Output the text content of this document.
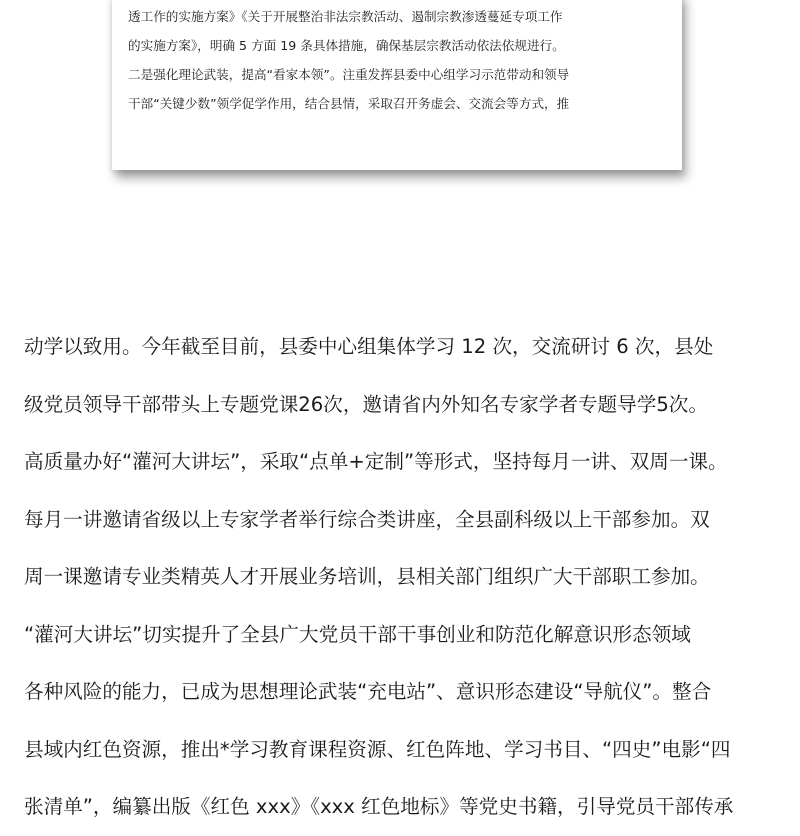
透工作的实施方案》《关于开展整治非法宗教活动、遏制宗教渗透蔓延专项工作
的实施方案》，明确 5 方面 19 条具体措施，确保基层宗教活动依法依规进行。
二是强化理论武装，提高“看家本领”。注重发挥县委中心组学习示范带动和领导
干部“关键少数”领学促学作用，结合县情，采取召开务虚会、交流会等方式，推
动学以致用。今年截至目前，县委中心组集体学习 12 次，交流研讨 6 次，县处
级党员领导干部带头上专题党课26次，邀请省内外知名专家学者专题导学5次。
高质量办好“灌河大讲坛”，采取“点单+定制”等形式，坚持每月一讲、双周一课。
每月一讲邀请省级以上专家学者举行综合类讲座，全县副科级以上干部参加。双
周一课邀请专业类精英人才开展业务培训，县相关部门组织广大干部职工参加。
“灌河大讲坛”切实提升了全县广大党员干部干事创业和防范化解意识形态领域
各种风险的能力，已成为思想理论武装“充电站”、意识形态建设“导航仪”。整合
县域内红色资源，推出*学习教育课程资源、红色阵地、学习书目、“四史”电影“四
张清单”，编纂出版《红色 xxx》《xxx 红色地标》等党史书籍，引导党员干部传承
